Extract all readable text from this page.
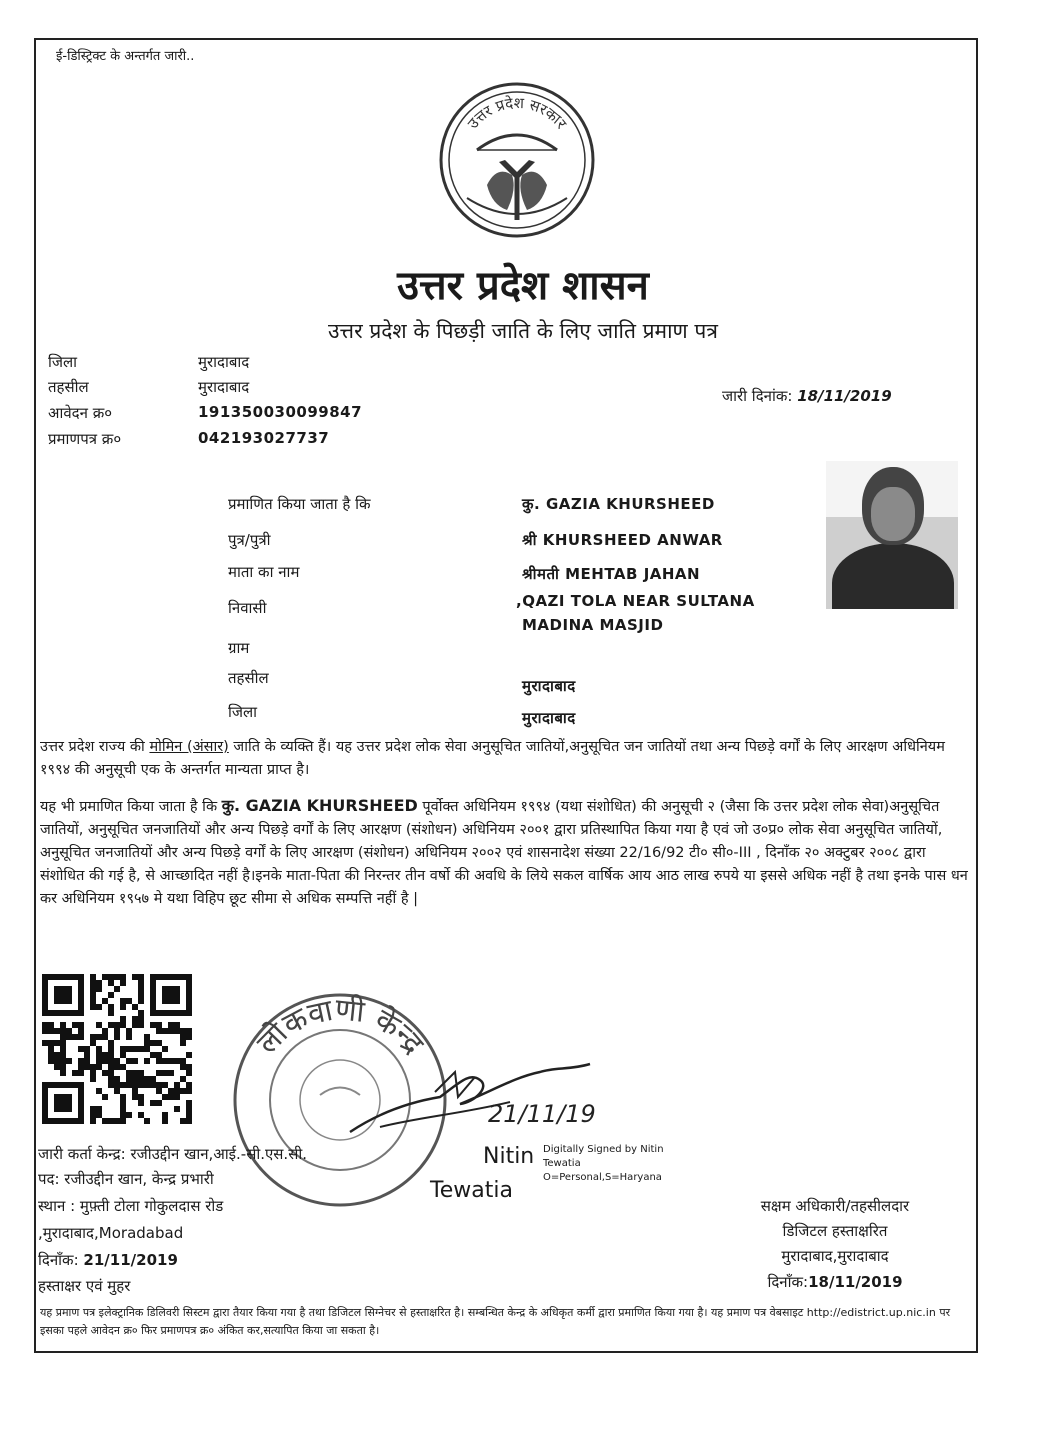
ई-डिस्ट्रिक्ट के अन्तर्गत जारी..
उत्तर प्रदेश सरकार
उत्तर प्रदेश शासन
उत्तर प्रदेश के पिछड़ी जाति के लिए जाति प्रमाण पत्र
जिला	मुरादाबाद
तहसील	मुरादाबाद
आवेदन क्र०	191350030099847
प्रमाणपत्र क्र०	042193027737
जारी दिनांक: 18/11/2019
प्रमाणित किया जाता है कि	कु. GAZIA KHURSHEED
पुत्र/पुत्री	श्री KHURSHEED ANWAR
माता का नाम	श्रीमती MEHTAB JAHAN
निवासी	,QAZI TOLA NEAR SULTANA
MADINA MASJID
ग्राम
तहसील	मुरादाबाद
जिला	मुरादाबाद
उत्तर प्रदेश राज्य की मोमिन (अंसार) जाति के व्यक्ति हैं। यह उत्तर प्रदेश लोक सेवा अनुसूचित जातियों,अनुसूचित जन जातियों तथा अन्य पिछड़े वर्गों के लिए आरक्षण अधिनियम १९९४ की अनुसूची एक के अन्तर्गत मान्यता प्राप्त है।
यह भी प्रमाणित किया जाता है कि कु. GAZIA KHURSHEED पूर्वोक्त अधिनियम १९९४ (यथा संशोधित) की अनुसूची २ (जैसा कि उत्तर प्रदेश लोक सेवा)अनुसूचित जातियों, अनुसूचित जनजातियों और अन्य पिछड़े वर्गों के लिए आरक्षण (संशोधन) अधिनियम २००१ द्वारा प्रतिस्थापित किया गया है एवं जो उ०प्र० लोक सेवा अनुसूचित जातियों, अनुसूचित जनजातियों और अन्य पिछड़े वर्गों के लिए आरक्षण (संशोधन) अधिनियम २००२ एवं शासनादेश संख्या 22/16/92 टी० सी०-III , दिनाँक २० अक्टुबर २००८ द्वारा संशोधित की गई है, से आच्छादित नहीं है।इनके माता-पिता की निरन्तर तीन वर्षो की अवधि के लिये सकल वार्षिक आय आठ लाख रुपये या इससे अधिक नहीं है तथा इनके पास धन कर अधिनियम १९५७ मे यथा विहिप छूट सीमा से अधिक सम्पत्ति नहीं है |
लोकवाणी केन्द्र
21/11/19
Nitin
Tewatia
Digitally Signed by Nitin
Tewatia
O=Personal,S=Haryana
जारी कर्ता केन्द्र: रजीउद्दीन खान,आई.-सी.एस.सी.
पद: रजीउद्दीन खान, केन्द्र प्रभारी
स्थान : मुफ़्ती टोला गोकुलदास रोड
,मुरादाबाद,Moradabad
दिनाँक: 21/11/2019
हस्ताक्षर एवं मुहर
सक्षम अधिकारी/तहसीलदार
डिजिटल हस्ताक्षरित
मुरादाबाद,मुरादाबाद
दिनाँक:18/11/2019
यह प्रमाण पत्र इलेक्ट्रानिक डिलिवरी सिस्टम द्वारा तैयार किया गया है तथा डिजिटल सिग्नेचर से हस्ताक्षरित है। सम्बन्धित केन्द्र के अधिकृत कर्मी द्वारा प्रमाणित किया गया है। यह प्रमाण पत्र वेबसाइट http://edistrict.up.nic.in पर इसका पहले आवेदन क्र० फिर प्रमाणपत्र क्र० अंकित कर,सत्यापित किया जा सकता है।
